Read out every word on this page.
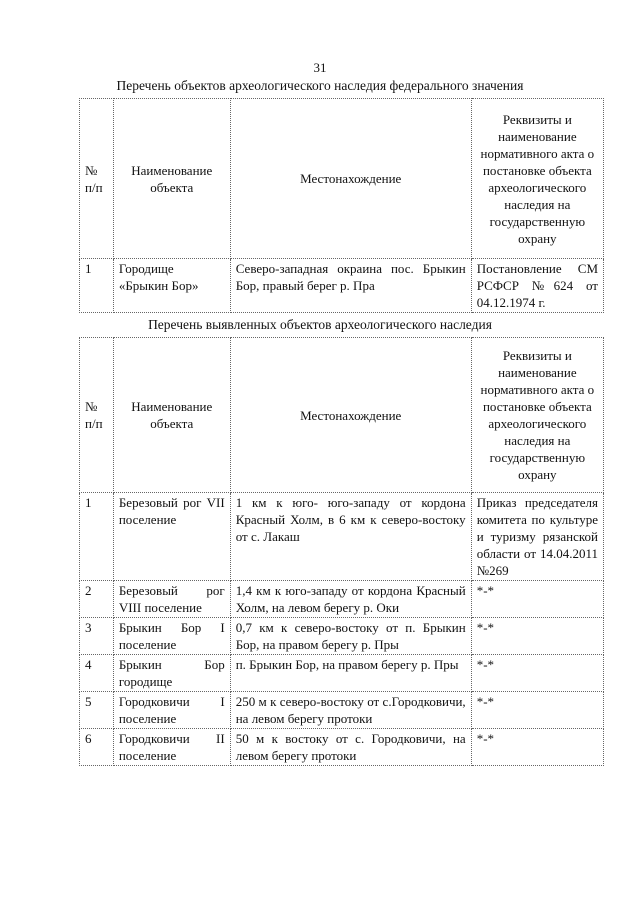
31
Перечень объектов археологического наследия федерального значения
№ п/п	Наименование объекта	Местонахождение	Реквизиты и наименование нормативного акта о постановке объекта археологического наследия на государственную охрану
1	Городище «Брыкин Бор»	Северо-западная окраина пос. Брыкин Бор, правый берег р. Пра	Постановление СМ РСФСР №624 от 04.12.1974 г.
Перечень выявленных объектов археологического наследия
№ п/п	Наименование объекта	Местонахождение	Реквизиты и наименование нормативного акта о постановке объекта археологического наследия на государственную охрану
1	Березовый рог VII поселение	1 км к юго- юго-западу от кордона Красный Холм, в 6 км к северо-востоку от с. Лакаш	Приказ председателя комитета по культуре и туризму рязанской области от 14.04.2011 №269
2	Березовый рог VIII поселение	1,4 км к юго-западу от кордона Красный Холм, на левом берегу р. Оки	*-*
3	Брыкин Бор I поселение	0,7 км к северо-востоку от п. Брыкин Бор, на правом берегу р. Пры	*-*
4	Брыкин Бор городище	п. Брыкин Бор, на правом берегу р. Пры	*-*
5	Городковичи I поселение	250 м к северо-востоку от с.Городковичи, на левом берегу протоки	*-*
6	Городковичи II поселение	50 м к востоку от с. Городковичи, на левом берегу протоки	*-*
